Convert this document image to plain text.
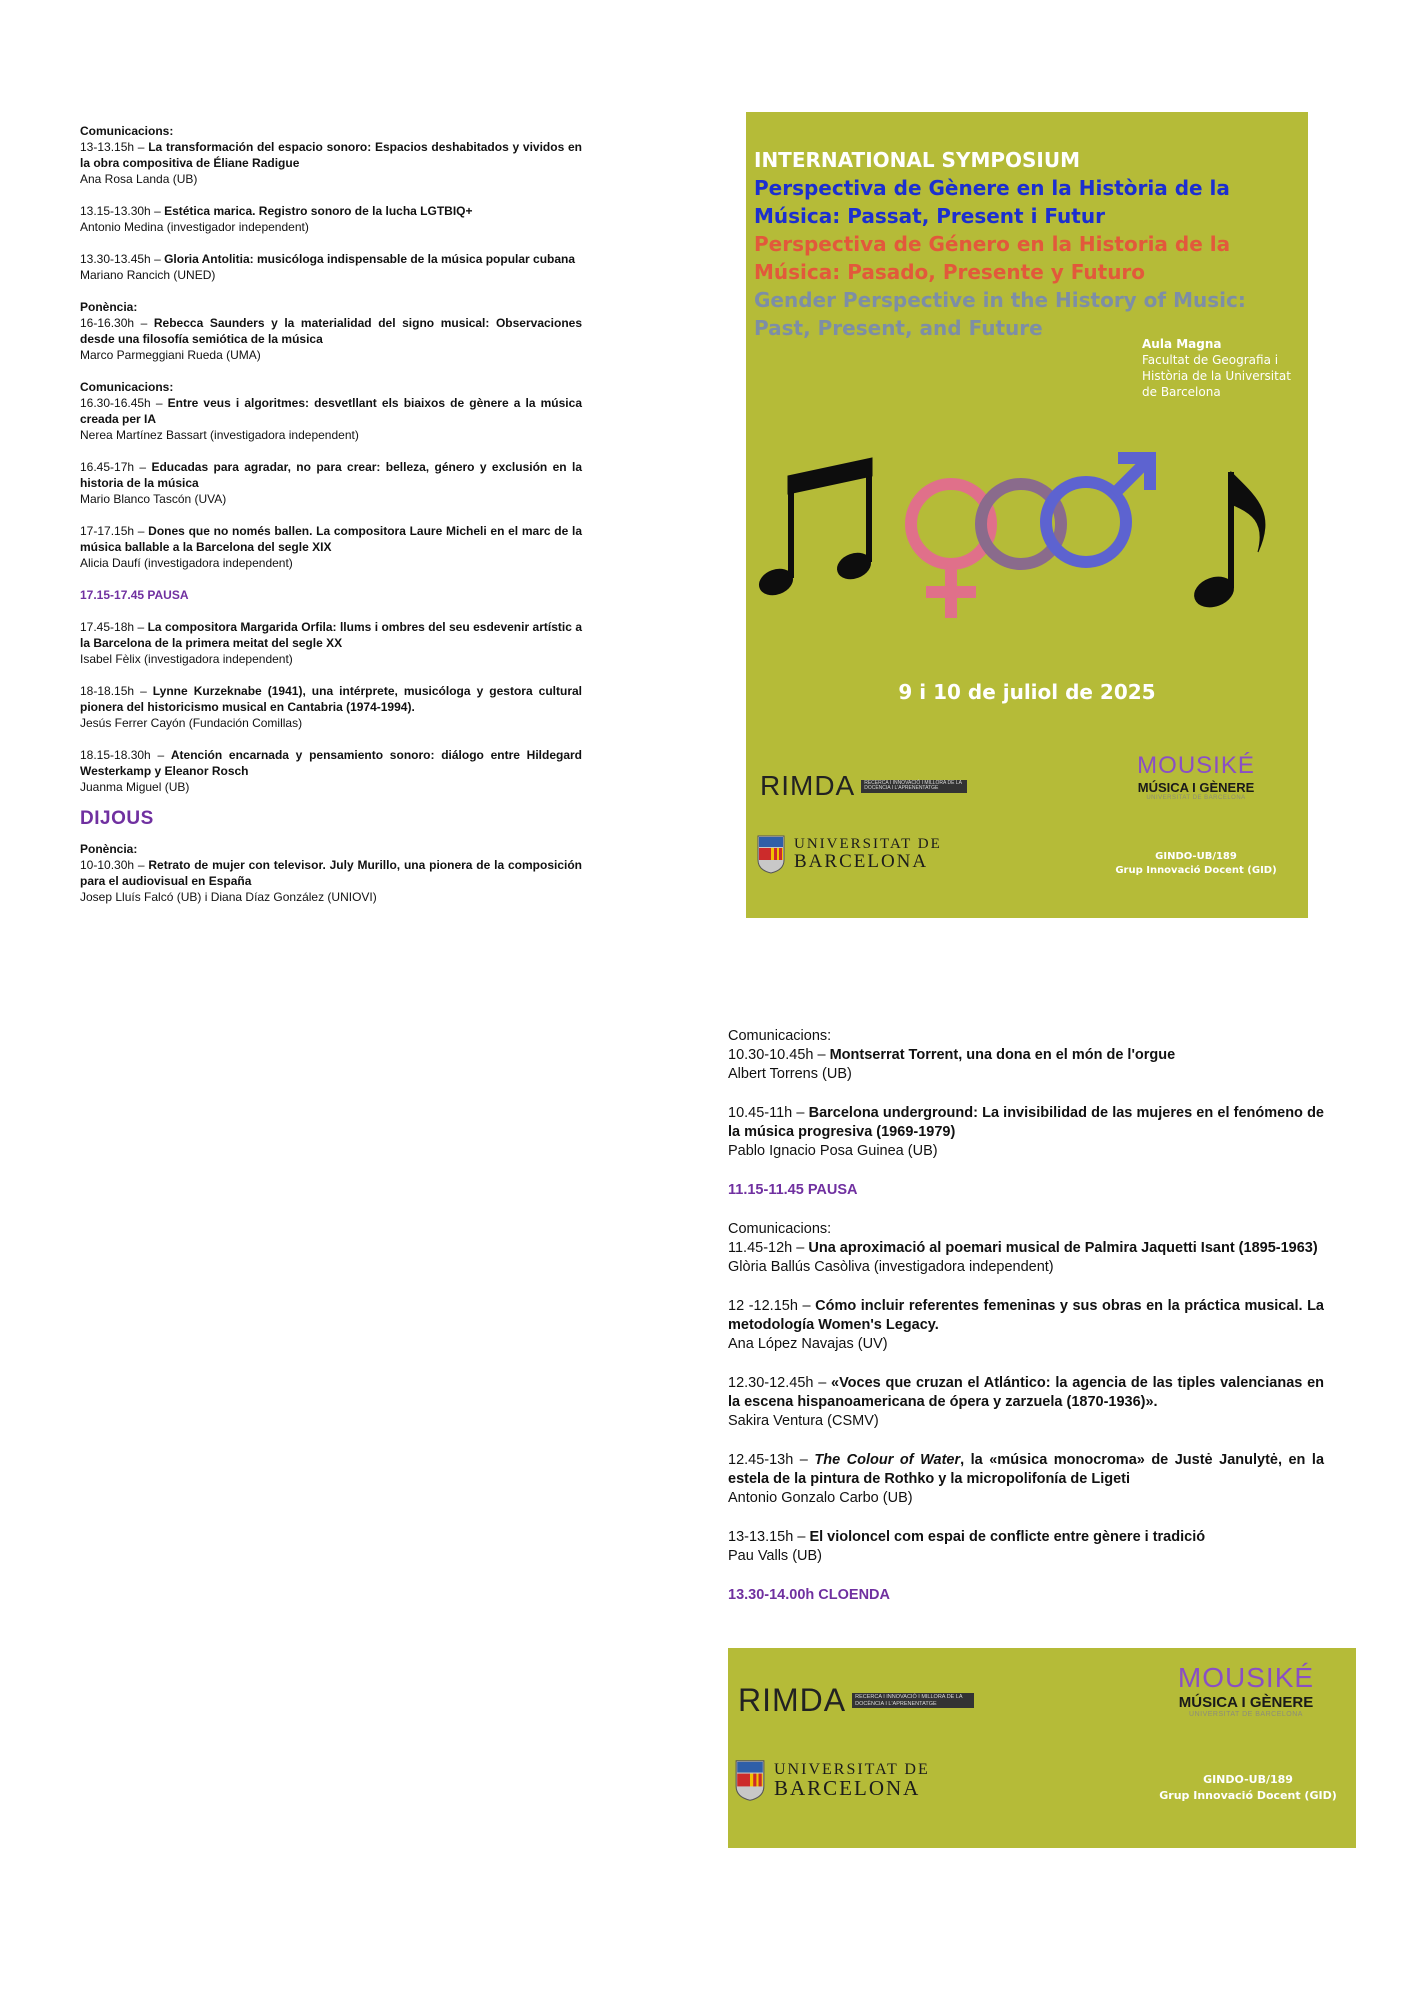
Comunicacions:
13-13.15h – La transformación del espacio sonoro: Espacios deshabitados y vividos en la obra compositiva de Éliane Radigue
Ana Rosa Landa (UB)
13.15-13.30h – Estética marica. Registro sonoro de la lucha LGTBIQ+
Antonio Medina (investigador independent)
13.30-13.45h – Gloria Antolitia: musicóloga indispensable de la música popular cubana
Mariano Rancich (UNED)
Ponència:
16-16.30h – Rebecca Saunders y la materialidad del signo musical: Observaciones desde una filosofía semiótica de la música
Marco Parmeggiani Rueda (UMA)
Comunicacions:
16.30-16.45h – Entre veus i algoritmes: desvetllant els biaixos de gènere a la música creada per IA
Nerea Martínez Bassart (investigadora independent)
16.45-17h – Educadas para agradar, no para crear: belleza, género y exclusión en la historia de la música
Mario Blanco Tascón (UVA)
17-17.15h – Dones que no només ballen. La compositora Laure Micheli en el marc de la música ballable a la Barcelona del segle XIX
Alicia Daufí (investigadora independent)
17.15-17.45 PAUSA
17.45-18h – La compositora Margarida Orfila: llums i ombres del seu esdevenir artístic a la Barcelona de la primera meitat del segle XX
Isabel Fèlix (investigadora independent)
18-18.15h – Lynne Kurzeknabe (1941), una intérprete, musicóloga y gestora cultural pionera del historicismo musical en Cantabria (1974-1994).
Jesús Ferrer Cayón (Fundación Comillas)
18.15-18.30h – Atención encarnada y pensamiento sonoro: diálogo entre Hildegard Westerkamp y Eleanor Rosch
Juanma Miguel (UB)
DIJOUS
Ponència:
10-10.30h – Retrato de mujer con televisor. July Murillo, una pionera de la composición para el audiovisual en España
Josep Lluís Falcó (UB) i Diana Díaz González (UNIOVI)
INTERNATIONAL SYMPOSIUM
Perspectiva de Gènere en la Història de la Música: Passat, Present i Futur
Perspectiva de Género en la Historia de la Música: Pasado, Presente y Futuro
Gender Perspective in the History of Music: Past, Present, and Future
Aula Magna
Facultat de Geografia i Història de la Universitat de Barcelona
9 i 10 de juliol de 2025
RIMDA	RECERCA I INNOVACIÓ I MILLORA DE LA DOCÈNCIA I L'APRENENTATGE
MOUSIKÉ
MÚSICA I GÈNERE
UNIVERSITAT DE BARCELONA
UNIVERSITAT DE
BARCELONA	GINDO-UB/189
Grup Innovació Docent (GID)
Comunicacions:
10.30-10.45h – Montserrat Torrent, una dona en el món de l'orgue
Albert Torrens (UB)
10.45-11h – Barcelona underground: La invisibilidad de las mujeres en el fenómeno de la música progresiva (1969-1979)
Pablo Ignacio Posa Guinea (UB)
11.15-11.45 PAUSA
Comunicacions:
11.45-12h – Una aproximació al poemari musical de Palmira Jaquetti Isant (1895-1963)
Glòria Ballús Casòliva (investigadora independent)
12 -12.15h – Cómo incluir referentes femeninas y sus obras en la práctica musical. La metodología Women's Legacy.
Ana López Navajas (UV)
12.30-12.45h – «Voces que cruzan el Atlántico: la agencia de las tiples valencianas en la escena hispanoamericana de ópera y zarzuela (1870-1936)».
Sakira Ventura (CSMV)
12.45-13h – The Colour of Water, la «música monocroma» de Justė Janulytė, en la estela de la pintura de Rothko y la micropolifonía de Ligeti
Antonio Gonzalo Carbo (UB)
13-13.15h – El violoncel com espai de conflicte entre gènere i tradició
Pau Valls (UB)
13.30-14.00h CLOENDA
RIMDA	RECERCA I INNOVACIÓ I MILLORA DE LA DOCÈNCIA I L'APRENENTATGE
MOUSIKÉ
MÚSICA I GÈNERE
UNIVERSITAT DE BARCELONA
UNIVERSITAT DE
BARCELONA	GINDO-UB/189
Grup Innovació Docent (GID)
